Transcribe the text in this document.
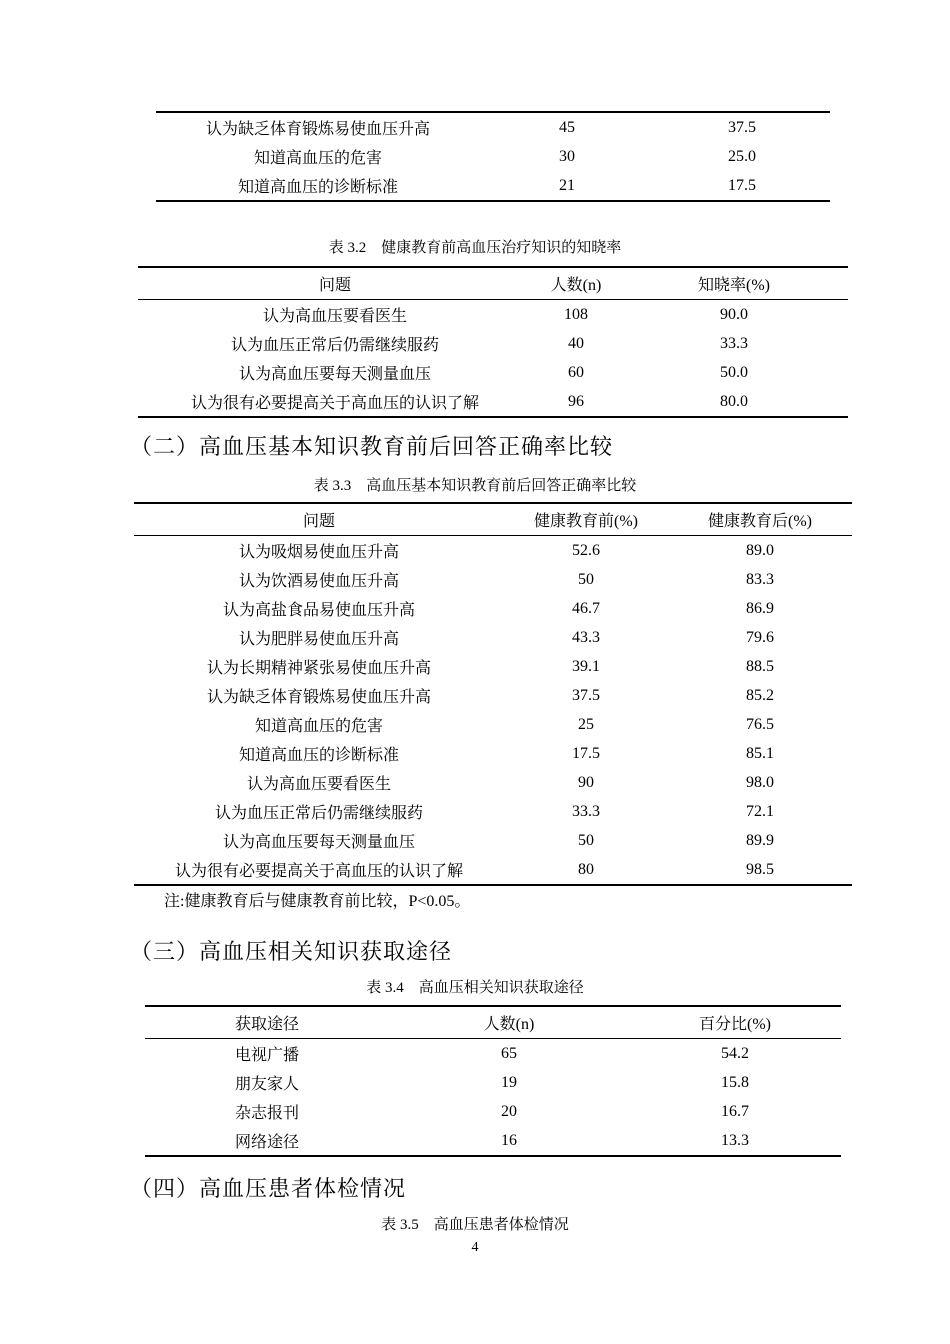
认为缺乏体育锻炼易使血压升高	45	37.5
知道高血压的危害	30	25.0
知道高血压的诊断标准	21	17.5
表 3.2　健康教育前高血压治疗知识的知晓率
问题	人数(n)	知晓率(%)
认为高血压要看医生	108	90.0
认为血压正常后仍需继续服药	40	33.3
认为高血压要每天测量血压	60	50.0
认为很有必要提高关于高血压的认识了解	96	80.0
（二）高血压基本知识教育前后回答正确率比较
表 3.3　高血压基本知识教育前后回答正确率比较
问题	健康教育前(%)	健康教育后(%)
认为吸烟易使血压升高	52.6	89.0
认为饮酒易使血压升高	50	83.3
认为高盐食品易使血压升高	46.7	86.9
认为肥胖易使血压升高	43.3	79.6
认为长期精神紧张易使血压升高	39.1	88.5
认为缺乏体育锻炼易使血压升高	37.5	85.2
知道高血压的危害	25	76.5
知道高血压的诊断标准	17.5	85.1
认为高血压要看医生	90	98.0
认为血压正常后仍需继续服药	33.3	72.1
认为高血压要每天测量血压	50	89.9
认为很有必要提高关于高血压的认识了解	80	98.5
注:健康教育后与健康教育前比较，P<0.05。
（三）高血压相关知识获取途径
表 3.4　高血压相关知识获取途径
获取途径	人数(n)	百分比(%)
电视广播	65	54.2
朋友家人	19	15.8
杂志报刊	20	16.7
网络途径	16	13.3
（四）高血压患者体检情况
表 3.5　高血压患者体检情况
4
